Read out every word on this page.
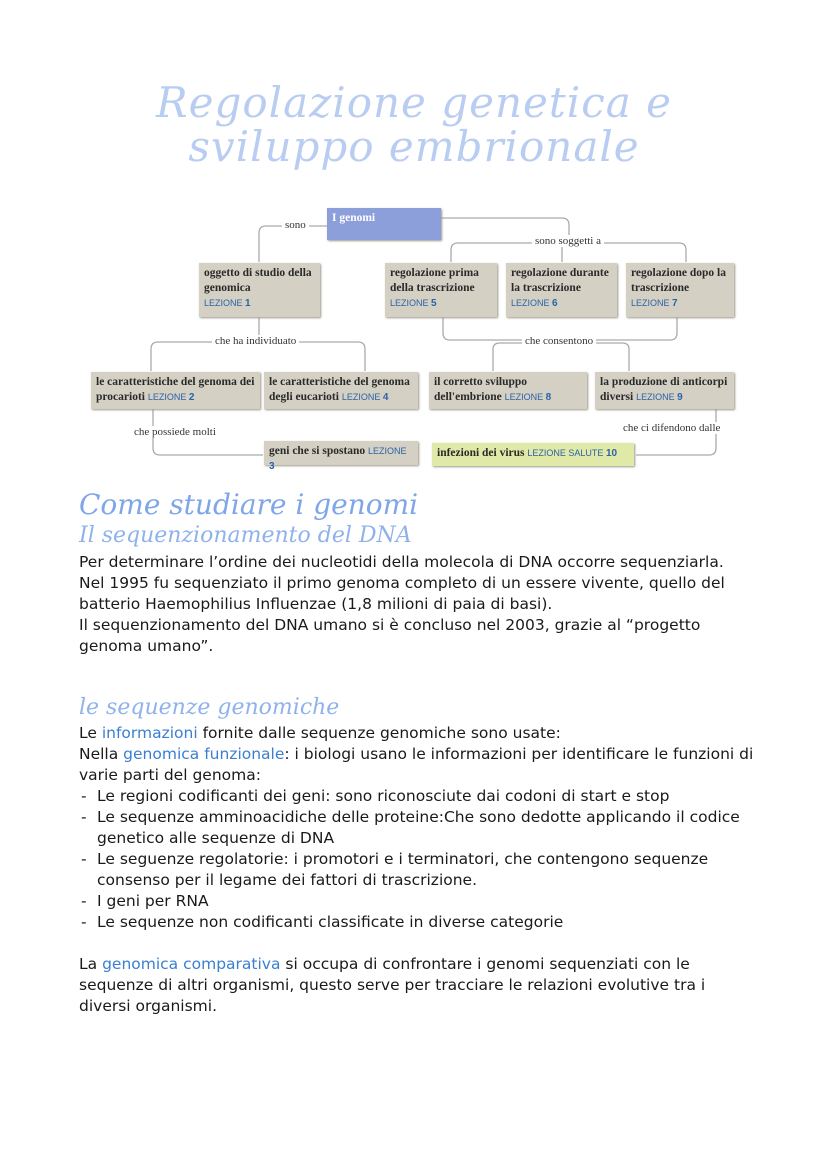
Regolazione genetica e
sviluppo embrionale
sono
sono soggetti a
che ha individuato	che consentono
che possiede molti	che ci difendono dalle
I genomi
oggetto di studio della genomica
LEZIONE 1
regolazione prima della trascrizione
LEZIONE 5
regolazione durante la trascrizione
LEZIONE 6
regolazione dopo la trascrizione
LEZIONE 7
le caratteristiche del genoma dei procarioti LEZIONE 2
le caratteristiche del genoma degli eucarioti LEZIONE 4
il corretto sviluppo dell'embrione LEZIONE 8
la produzione di anticorpi diversi LEZIONE 9
geni che si spostano LEZIONE 3
infezioni dei virus LEZIONE SALUTE 10
Come studiare i genomi
Il sequenzionamento del DNA
Per determinare l’ordine dei nucleotidi della molecola di DNA occorre sequenziarla.
Nel 1995 fu sequenziato il primo genoma completo di un essere vivente, quello del batterio Haemophilius Influenzae (1,8 milioni di paia di basi).
Il sequenzionamento del DNA umano si è concluso nel 2003, grazie al “progetto genoma umano”.
le sequenze genomiche
Le informazioni fornite dalle sequenze genomiche sono usate:
Nella genomica funzionale: i biologi usano le informazioni per identificare le funzioni di varie parti del genoma:
- Le regioni codificanti dei geni: sono riconosciute dai codoni di start e stop
- Le sequenze amminoacidiche delle proteine:Che sono dedotte applicando il codice genetico alle sequenze di DNA
- Le seguenze regolatorie: i promotori e i terminatori, che contengono sequenze consenso per il legame dei fattori di trascrizione.
- I geni per RNA
- Le sequenze non codificanti classificate in diverse categorie
La genomica comparativa si occupa di confrontare i genomi sequenziati con le sequenze di altri organismi, questo serve per tracciare le relazioni evolutive tra i diversi organismi.
